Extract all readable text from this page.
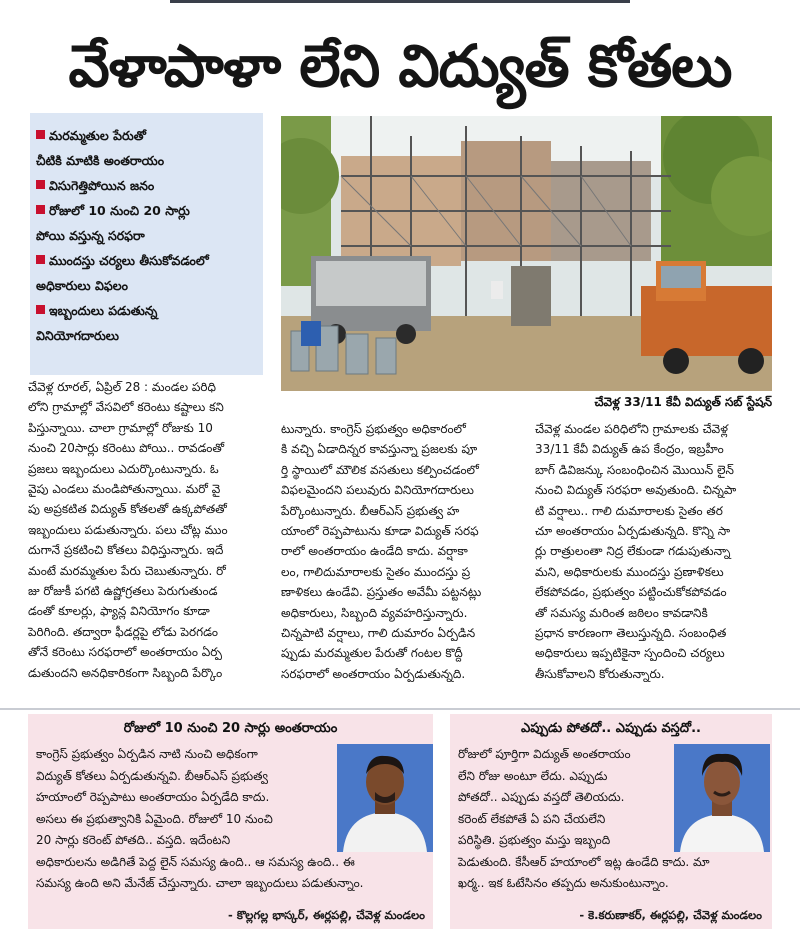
వేళాపాళా లేని విద్యుత్ కోతలు
మరమ్మతుల పేరుతో
చీటికి మాటికి అంతరాయం
విసుగెత్తిపోయిన జనం
రోజులో 10 నుంచి 20 సార్లు
పోయి వస్తున్న సరఫరా
ముందస్తు చర్యలు తీసుకోవడంలో
అధికారులు విఫలం
ఇబ్బందులు పడుతున్న
వినియోగదారులు
చేవెళ్ల 33/11 కేవీ విద్యుత్ సబ్ స్టేషన్

చేవెళ్ల రూరల్, ఏప్రిల్ 28 : మండల పరిధి

లోని గ్రామాల్లో వేసవిలో కరెంటు కష్టాలు కని

పిస్తున్నాయి. చాలా గ్రామాల్లో రోజుకు 10

నుంచి 20సార్లు కరెంటు పోయి.. రావడంతో

ప్రజలు ఇబ్బందులు ఎదుర్కొంటున్నారు. ఓ

వైపు ఎండలు మండిపోతున్నాయి. మరో వై

పు అప్రకటిత విద్యుత్ కోతలతో ఉక్కపోతతో

ఇబ్బందులు పడుతున్నారు. పలు చోట్ల ముం

దుగానే ప్రకటించి కోతలు విధిస్తున్నారు. ఇదే

మంటే మరమ్మతుల పేరు చెబుతున్నారు. రో

జు రోజుకీ పగటి ఉష్ణోగ్రతలు పెరుగుతుండ

డంతో కూలర్లు, ఫ్యాన్ల వినియోగం కూడా

పెరిగింది. తద్వారా ఫీడర్లపై లోడు పెరగడం

తోనే కరెంటు సరఫరాలో అంతరాయం ఏర్ప

డుతుందని అనధికారికంగా సిబ్బంది పేర్కొం

టున్నారు. కాంగ్రెస్ ప్రభుత్వం అధికారంలో

కి వచ్చి ఏడాదిన్నర కావస్తున్నా ప్రజలకు పూ

ర్తి స్థాయిలో మౌలిక వసతులు కల్పించడంలో

విఫలమైందని పలువురు వినియోగదారులు

పేర్కొంటున్నారు. బీఆర్ఎస్ ప్రభుత్వ హ

యాంలో రెప్పపాటును కూడా విద్యుత్ సరఫ

రాలో అంతరాయం ఉండేది కాదు. వర్షాకా

లం, గాలిదుమారాలకు సైతం ముందస్తు ప్ర

ణాళికలు ఉండేవి. ప్రస్తుతం అవేమీ పట్టనట్లు

అధికారులు, సిబ్బంది వ్యవహరిస్తున్నారు.

చిన్నపాటి వర్షాలు, గాలి దుమారం ఏర్పడిన

ప్పుడు మరమ్మతుల పేరుతో గంటల కొద్దీ

సరఫరాలో అంతరాయం ఏర్పడుతున్నది.

చేవెళ్ల మండల పరిధిలోని గ్రామాలకు చేవెళ్ల

33/11 కేవీ విద్యుత్ ఉప కేంద్రం, ఇబ్రహీం

బాగ్ డివిజన్కు సంబంధించిన మొయిన్ లైన్

నుంచి విద్యుత్ సరఫరా అవుతుంది. చిన్నపా

టి వర్షాలు.. గాలి దుమారాలకు సైతం తర

చూ అంతరాయం ఏర్పడుతున్నది. కొన్ని సా

ర్లు రాత్రులంతా నిద్ర లేకుండా గడుపుతున్నా

మని, అధికారులకు ముందస్తు ప్రణాళికలు

లేకపోవడం, ప్రభుత్వం పట్టించుకోకపోవడం

తో సమస్య మరింత జఠిలం కావడానికి

ప్రధాన కారణంగా తెలుస్తున్నది. సంబంధిత

అధికారులు ఇప్పటికైనా స్పందించి చర్యలు

తీసుకోవాలని కోరుతున్నారు.

రోజులో 10 నుంచి 20 సార్లు అంతరాయం

కాంగ్రెస్ ప్రభుత్వం ఏర్పడిన నాటి నుంచి అధికంగా

విద్యుత్ కోతలు ఏర్పడుతున్నవి. బీఆర్ఎస్ ప్రభుత్వ

హయాంలో రెప్పపాటు అంతరాయం ఏర్పడేది కాదు.

అసలు ఈ ప్రభుత్వానికి ఏమైంది. రోజులో 10 నుంచి

20 సార్లు కరెంట్ పోతది.. వస్తది. ఇదేంటని

అధికారులను అడిగితే పెద్ద లైన్ సమస్య ఉంది.. ఆ సమస్య ఉంది.. ఈ

సమస్య ఉంది అని మేనేజ్ చేస్తున్నారు. చాలా ఇబ్బందులు పడుతున్నాం.

- కొల్లగల్ల భాస్కర్, ఈర్లపల్లి, చేవెళ్ల మండలం
ఎప్పుడు పోతదో.. ఎప్పుడు వస్తదో..

రోజులో పూర్తిగా విద్యుత్ అంతరాయం

లేని రోజు అంటూ లేదు. ఎప్పుడు

పోతదో.. ఎప్పుడు వస్తదో తెలియదు.

కరెంట్ లేకపోతే ఏ పని చేయలేని

పరిస్థితి. ప్రభుత్వం మస్తు ఇబ్బంది

పెడుతుంది. కేసీఆర్ హయాంలో ఇట్ల ఉండేది కాదు. మా

ఖర్మ.. ఇక ఓటేసినం తప్పదు అనుకుంటున్నాం.

- కె.కరుణాకర్, ఈర్లపల్లి, చేవెళ్ల మండలం
